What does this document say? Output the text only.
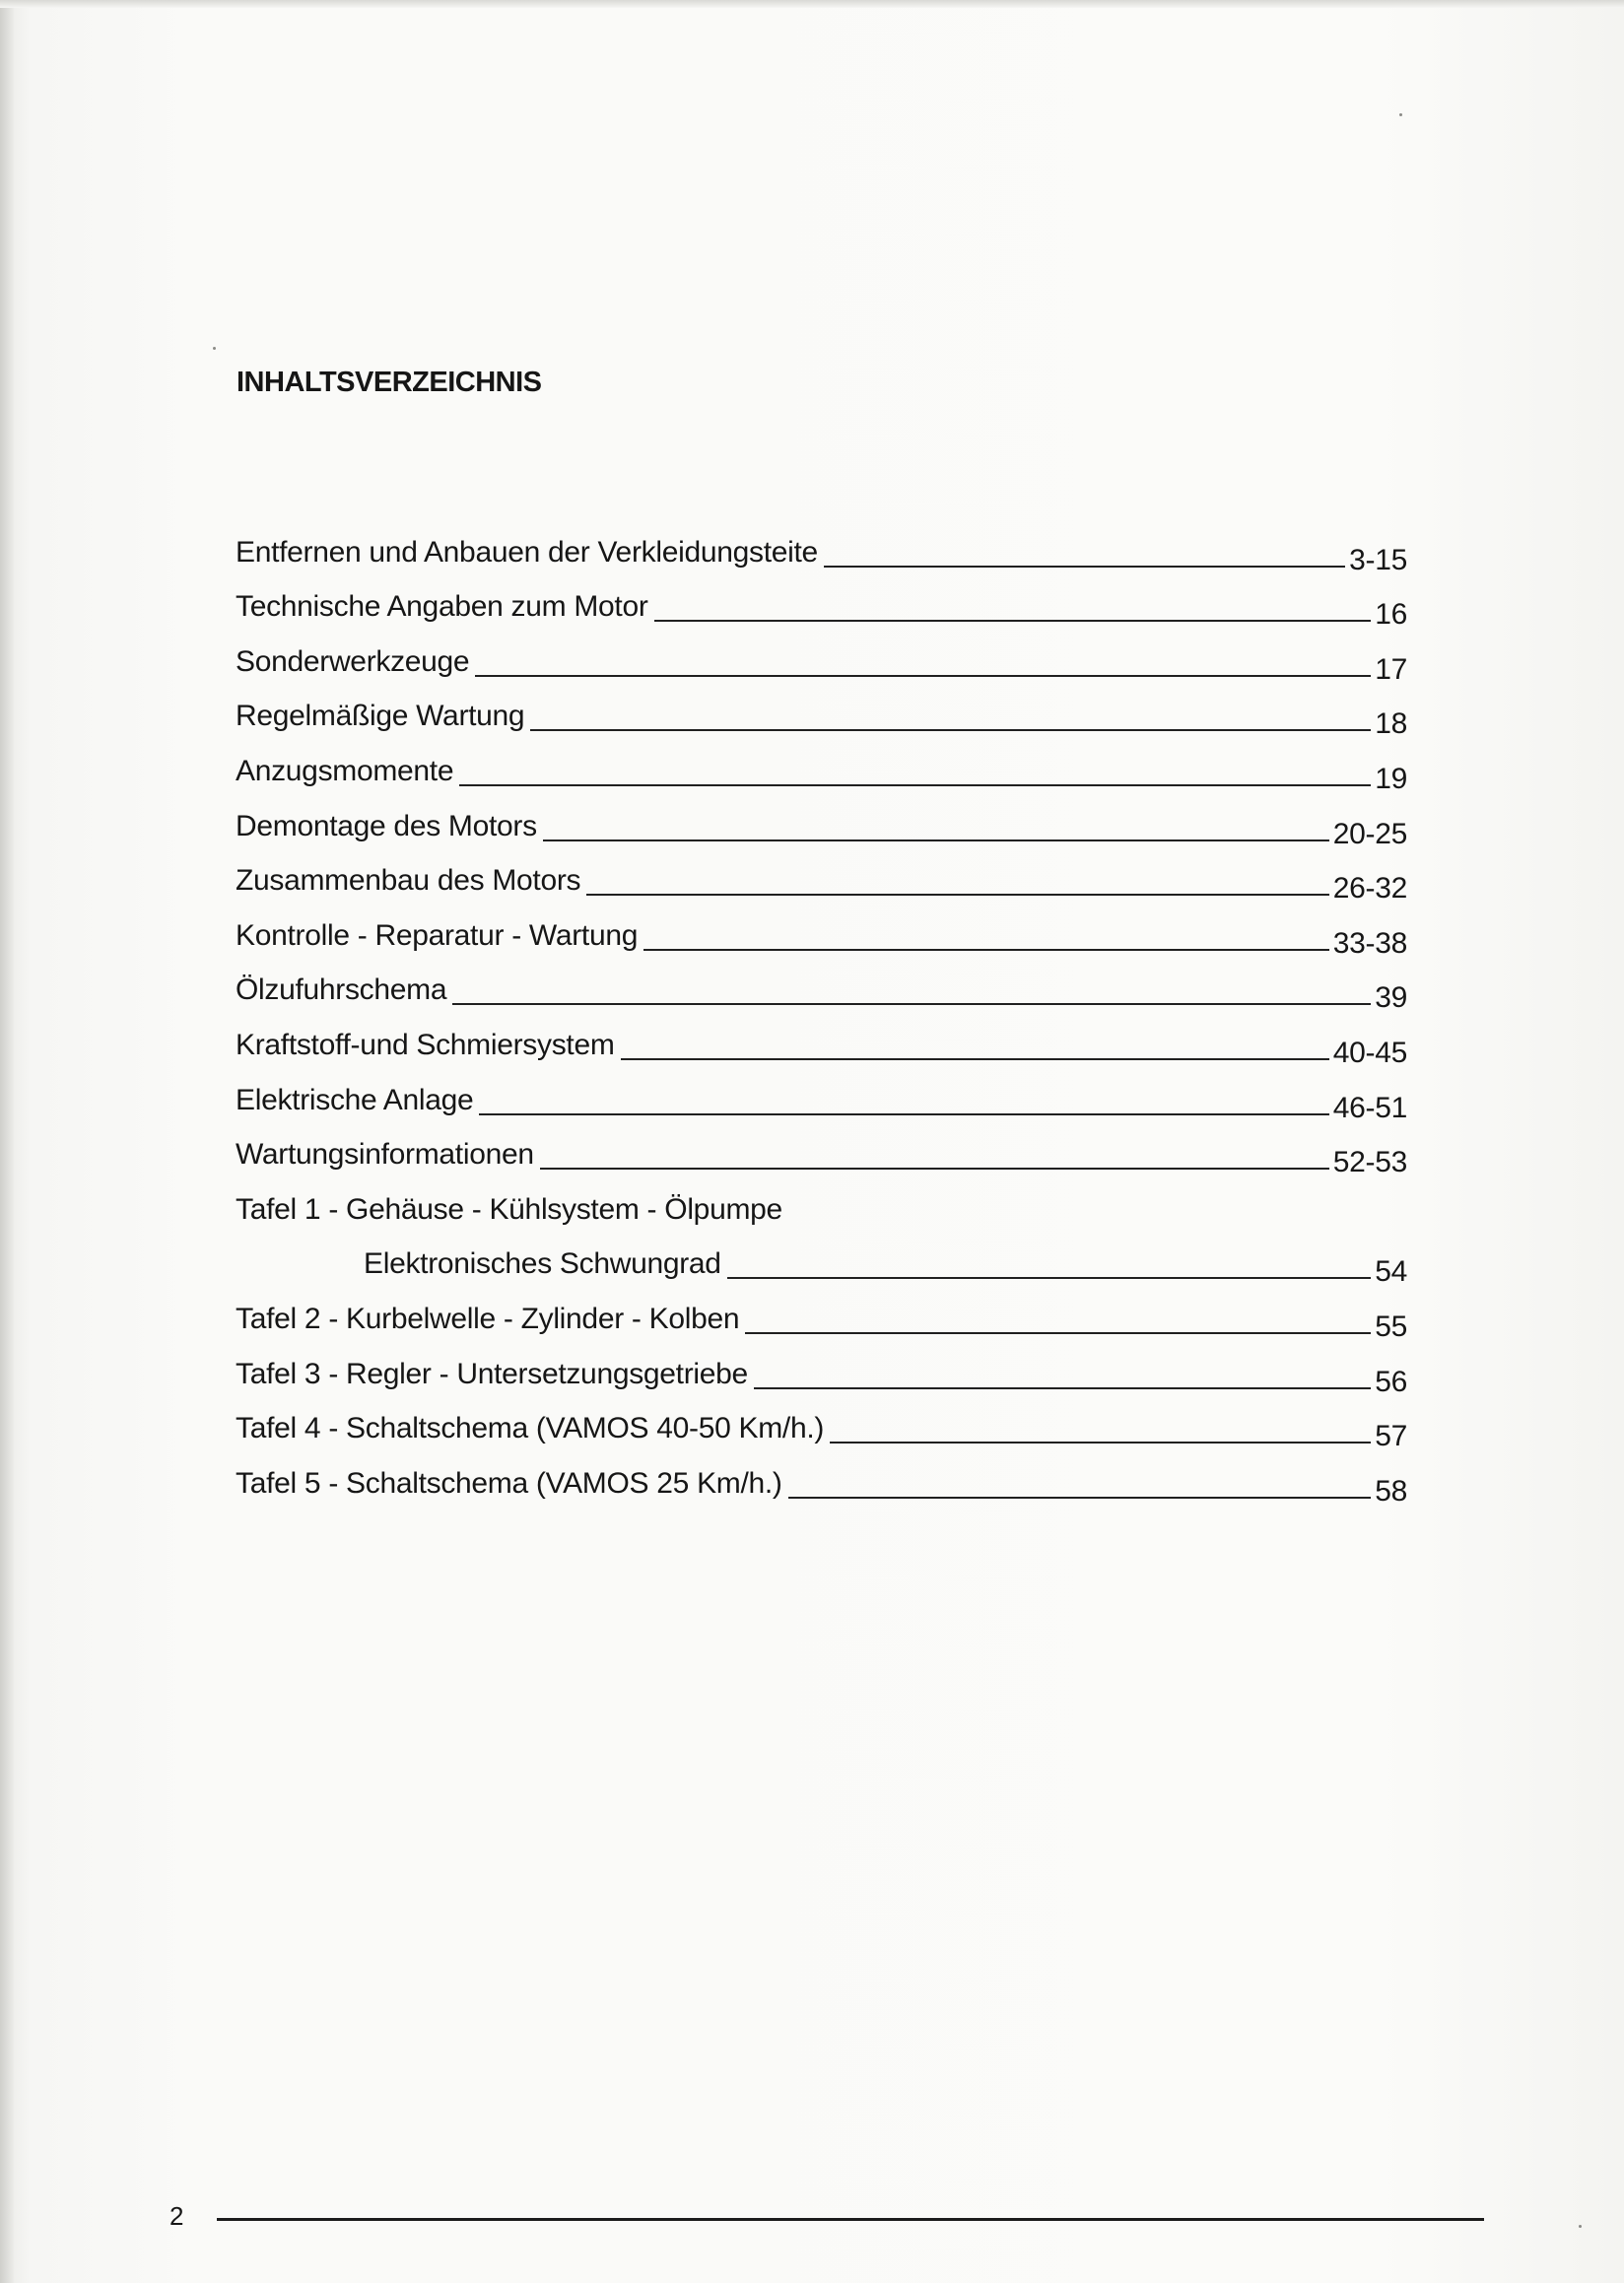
INHALTSVERZEICHNIS
Entfernen und Anbauen der Verkleidungsteite	3-15
Technische Angaben zum Motor	16
Sonderwerkzeuge	17
Regelmäßige Wartung	18
Anzugsmomente	19
Demontage des Motors	20-25
Zusammenbau des Motors	26-32
Kontrolle - Reparatur - Wartung	33-38
Ölzufuhrschema	39
Kraftstoff-und Schmiersystem	40-45
Elektrische Anlage	46-51
Wartungsinformationen	52-53
Tafel 1 - Gehäuse - Kühlsystem - Ölpumpe
Elektronisches Schwungrad	54
Tafel 2 - Kurbelwelle - Zylinder - Kolben	55
Tafel 3 - Regler - Untersetzungsgetriebe	56
Tafel 4 - Schaltschema (VAMOS 40-50 Km/h.)	57
Tafel 5 - Schaltschema (VAMOS 25 Km/h.)	58
2
